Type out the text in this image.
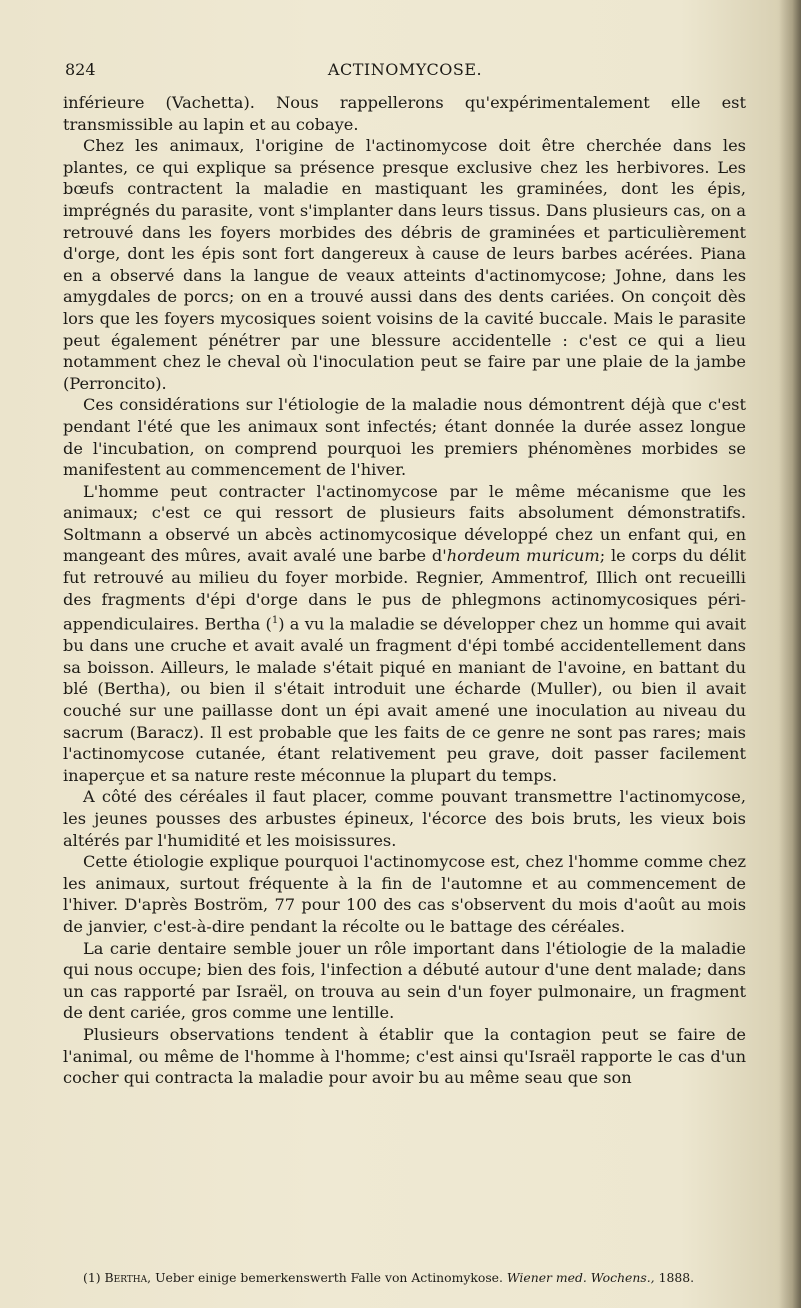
824	ACTINOMYCOSE.

inférieure (Vachetta). Nous rappellerons qu'expérimentalement elle est transmissible au lapin et au cobaye.

Chez les animaux, l'origine de l'actinomycose doit être cherchée dans les plantes, ce qui explique sa présence presque exclusive chez les herbivores. Les bœufs contractent la maladie en mastiquant les graminées, dont les épis, imprégnés du parasite, vont s'implanter dans leurs tissus. Dans plusieurs cas, on a retrouvé dans les foyers morbides des débris de graminées et particulièrement d'orge, dont les épis sont fort dangereux à cause de leurs barbes acérées. Piana en a observé dans la langue de veaux atteints d'actinomycose; Johne, dans les amygdales de porcs; on en a trouvé aussi dans des dents cariées. On conçoit dès lors que les foyers mycosiques soient voisins de la cavité buccale. Mais le parasite peut également pénétrer par une blessure accidentelle : c'est ce qui a lieu notamment chez le cheval où l'inoculation peut se faire par une plaie de la jambe (Perroncito).

Ces considérations sur l'étiologie de la maladie nous démontrent déjà que c'est pendant l'été que les animaux sont infectés; étant donnée la durée assez longue de l'incubation, on comprend pourquoi les premiers phénomènes morbides se manifestent au commencement de l'hiver.

L'homme peut contracter l'actinomycose par le même mécanisme que les animaux; c'est ce qui ressort de plusieurs faits absolument démonstratifs. Soltmann a observé un abcès actinomycosique développé chez un enfant qui, en mangeant des mûres, avait avalé une barbe d'hordeum muricum; le corps du délit fut retrouvé au milieu du foyer morbide. Regnier, Ammentrof, Illich ont recueilli des fragments d'épi d'orge dans le pus de phlegmons actinomycosiques péri-appendiculaires. Bertha ($^1$) a vu la maladie se développer chez un homme qui avait bu dans une cruche et avait avalé un fragment d'épi tombé accidentellement dans sa boisson. Ailleurs, le malade s'était piqué en maniant de l'avoine, en battant du blé (Bertha), ou bien il s'était introduit une écharde (Muller), ou bien il avait couché sur une paillasse dont un épi avait amené une inoculation au niveau du sacrum (Baracz). Il est probable que les faits de ce genre ne sont pas rares; mais l'actinomycose cutanée, étant relativement peu grave, doit passer facilement inaperçue et sa nature reste méconnue la plupart du temps.

A côté des céréales il faut placer, comme pouvant transmettre l'actinomycose, les jeunes pousses des arbustes épineux, l'écorce des bois bruts, les vieux bois altérés par l'humidité et les moisissures.

Cette étiologie explique pourquoi l'actinomycose est, chez l'homme comme chez les animaux, surtout fréquente à la fin de l'automne et au commencement de l'hiver. D'après Boström, 77 pour 100 des cas s'observent du mois d'août au mois de janvier, c'est-à-dire pendant la récolte ou le battage des céréales.

La carie dentaire semble jouer un rôle important dans l'étiologie de la maladie qui nous occupe; bien des fois, l'infection a débuté autour d'une dent malade; dans un cas rapporté par Israël, on trouva au sein d'un foyer pulmonaire, un fragment de dent cariée, gros comme une lentille.

Plusieurs observations tendent à établir que la contagion peut se faire de l'animal, ou même de l'homme à l'homme; c'est ainsi qu'Israël rapporte le cas d'un cocher qui contracta la maladie pour avoir bu au même seau que son

(1) Bertha, Ueber einige bemerkenswerth Falle von Actinomykose. Wiener med. Wochens., 1888.
